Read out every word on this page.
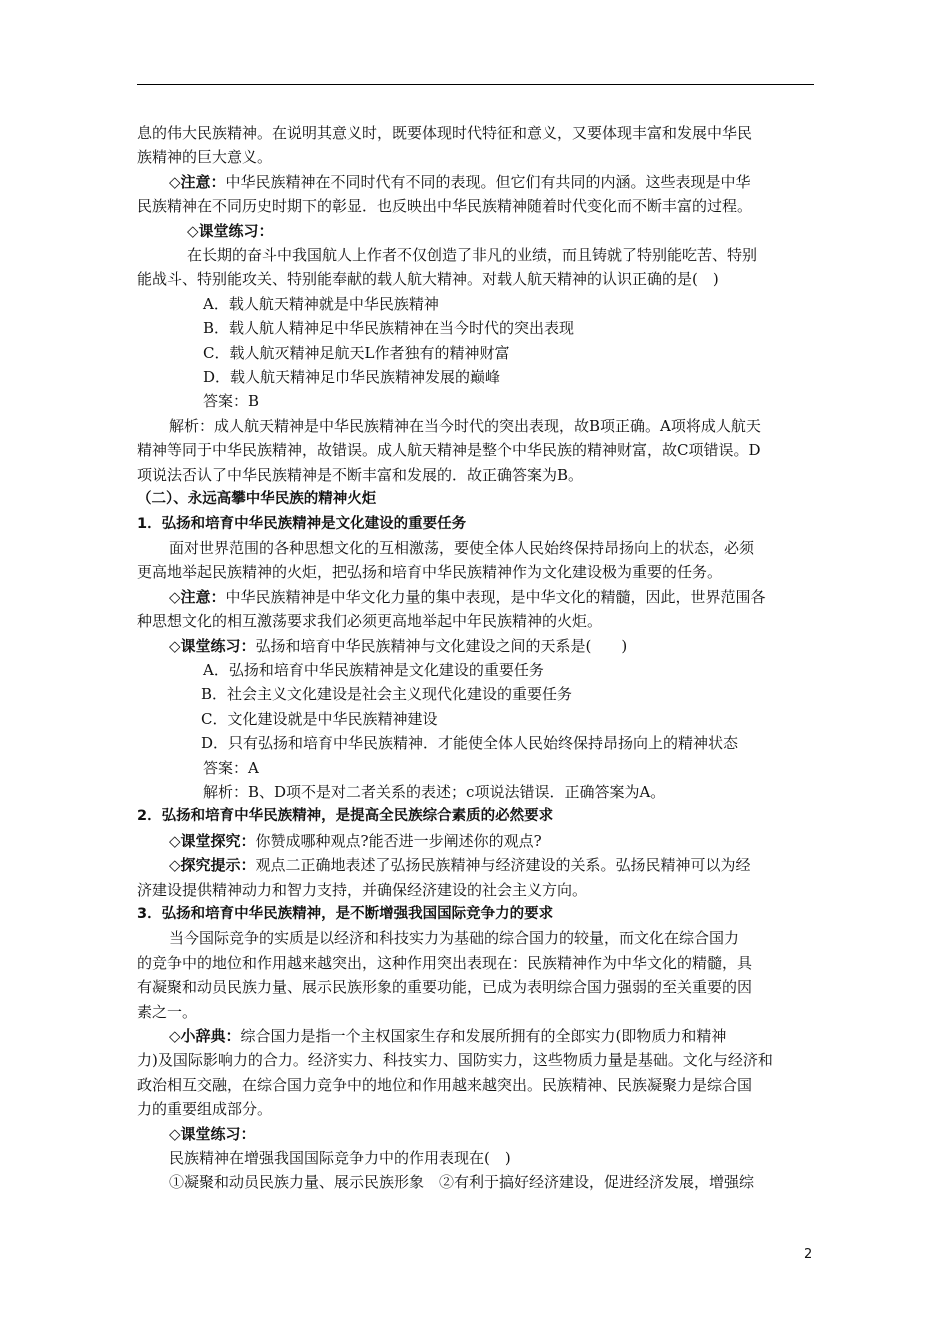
息的伟大民族精神。在说明其意义时，既要体现时代特征和意义，又要体现丰富和发展中华民

族精神的巨大意义。

◇注意：中华民族精神在不同时代有不同的表现。但它们有共同的内涵。这些表现是中华

民族精神在不同历史时期下的彰显．也反映出中华民族精神随着时代变化而不断丰富的过程。

◇课堂练习：

在长期的奋斗中我国航人上作者不仅创造了非凡的业绩，而且铸就了特别能吃苦、特别

能战斗、特别能攻关、特别能奉献的载人航大精神。对载人航天精神的认识正确的是(　)

A．载人航天精神就是中华民族精神

B．载人航人精神足中华民族精神在当今时代的突出表现

C．载人航灭精神足航天L作者独有的精神财富

D．载人航天精神足巾华民族精神发展的巅峰

答案：B

解析：成人航天精神是中华民族精神在当今时代的突出表现，故B项正确。A项将成人航天

精神等同于中华民族精神，故错误。成人航天精神是整个中华民族的精神财富，故C项错误。D

项说法否认了中华民族精神是不断丰富和发展的．故正确答案为B。

（二）、永远高攀中华民族的精神火炬

1．弘扬和培育中华民族精神是文化建设的重要任务

面对世界范围的各种思想文化的互相激荡，要使全体人民始终保持昂扬向上的状态，必须

更高地举起民族精神的火炬，把弘扬和培育中华民族精神作为文化建设极为重要的任务。

◇注意：中华民族精神是中华文化力量的集中表现，是中华文化的精髓，因此，世界范围各

种思想文化的相互激荡要求我们必须更高地举起中年民族精神的火炬。

◇课堂练习：弘扬和培育中华民族精神与文化建设之间的天系是(　　)

A．弘扬和培育中华民族精神是文化建设的重要任务

B．社会主义文化建设是社会主义现代化建设的重要任务

C．文化建设就是中华民族精神建设

D．只有弘扬和培育中华民族精神．才能使全体人民始终保持昂扬向上的精神状态

答案：A

解析：B、D项不是对二者关系的表述；c项说法错误．正确答案为A。

2．弘扬和培育中华民族精神，是提高全民族综合素质的必然要求

◇课堂探究：你赞成哪种观点?能否进一步阐述你的观点?

◇探究提示：观点二正确地表述了弘扬民族精神与经济建设的关系。弘扬民精神可以为经

济建设提供精神动力和智力支持，并确保经济建设的社会主义方向。

3．弘扬和培育中华民族精神，是不断增强我国国际竞争力的要求

当今国际竞争的实质是以经济和科技实力为基础的综合国力的较量，而文化在综合国力

的竞争中的地位和作用越来越突出，这种作用突出表现在：民族精神作为中华文化的精髓，具

有凝聚和动员民族力量、展示民族形象的重要功能，已成为表明综合国力强弱的至关重要的因

素之一。

◇小辞典：综合国力是指一个主权国家生存和发展所拥有的全郎实力(即物质力和精神

力)及国际影响力的合力。经济实力、科技实力、国防实力，这些物质力量是基础。文化与经济和

政治相互交融，在综合国力竞争中的地位和作用越来越突出。民族精神、民族凝聚力是综合国

力的重要组成部分。

◇课堂练习：

民族精神在增强我国国际竞争力中的作用表现在(　)

①凝聚和动员民族力量、展示民族形象　②有利于搞好经济建设，促进经济发展，增强综

2
